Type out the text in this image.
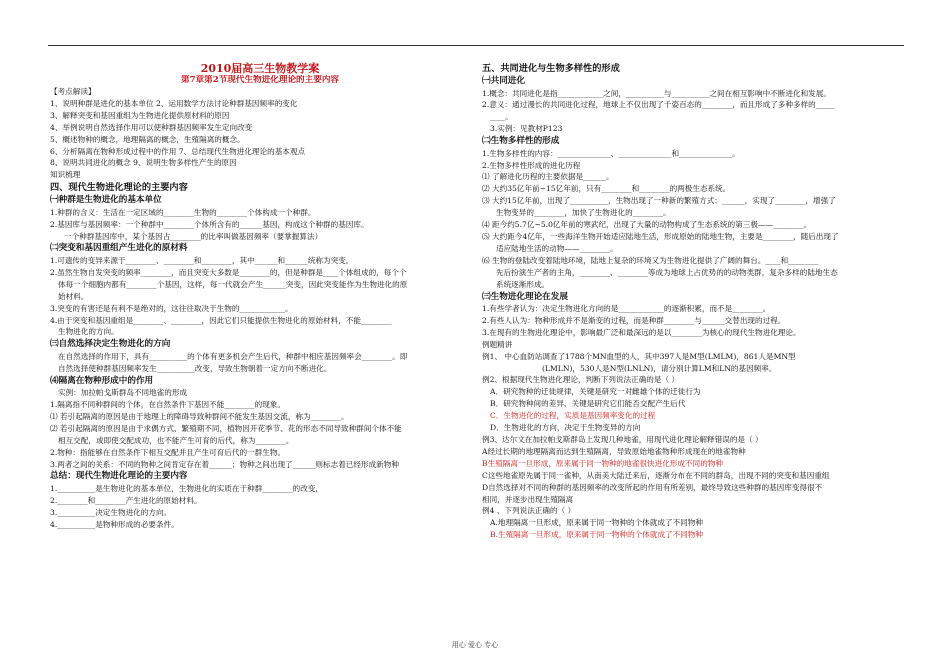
2010届高三生物教学案
第7章第2节现代生物进化理论的主要内容
【考点解读】
1、说明种群是进化的基本单位 2、运用数学方法讨论种群基因频率的变化
3、解释突变和基因重组为生物进化提供原材料的原因
4、举例说明自然选择作用可以使种群基因频率发生定向改变
5、概述物种的概念，地理隔离的概念，生殖隔离的概念。
6、分析隔离在物种形成过程中的作用 7、总结现代生物进化理论的基本观点
8、说明共同进化的概念 9、说明生物多样性产生的原因
知识梳理
四、现代生物进化理论的主要内容
㈠种群是生物进化的基本单位
1.种群的含义：生活在一定区域的________生物的________个体构成一个种群。
2.基因库与基因频率：一个种群中________个体所含有的______基因，构成这个种群的基因库。
一个种群基因库中，某个基因占________的比率叫做基因频率（要掌握算法）
㈡突变和基因重组产生进化的原材料
1.可遗传的变异来源于________、________和________，其中______和______统称为突变。
2.虽然生物自发突变的频率________，而且突变大多数是________的，但是种群是____个体组成的，每个个
体每一个细胞内都有________个基因，这样，每一代就会产生______突变，因此突变能作为生物进化的原
始材料。
3.突变的有害还是有利不是绝对的，这往往取决于生物的____________。
4.由于突变和基因重组是________、________，因此它们只能提供生物进化的原始材料，不能________
生物进化的方向。
㈢自然选择决定生物进化的方向
在自然选择的作用下，具有__________的个体有更多机会产生后代，种群中相应基因频率会________。即
自然选择使种群基因频率发生__________改变，导致生物朝着一定方向不断进化。
⑷隔离在物种形成中的作用
实例：加拉帕戈斯群岛不同地雀的形成
1.隔离指不同种群间的个体，在自然条件下基因不能________的现象。
⑴ 若引起隔离的原因是由于地理上的障碍导致种群间不能发生基因交流，称为________。
⑵ 若引起隔离的原因是由于求偶方式、繁殖期不同，植物因开花季节、花的形态不同导致种群间个体不能
相互交配，或即使交配成功，也不能产生可育的后代，称为________。
2.物种：指能够在自然条件下相互交配并且产生可育后代的一群生物。
3.两者之间的关系：不同的物种之间肯定存在着______；物种之间出现了______则标志着已经形成新物种
总结：现代生物进化理论的主要内容
1.__________是生物进化的基本单位，生物进化的实质在于种群________的改变，
2.________和________产生进化的原始材料。
3.__________决定生物进化的方向。
4.__________是物种形成的必要条件。
五、共同进化与生物多样性的形成
㈠共同进化
1.概念：共同进化是指____________之间，__________与__________之间在相互影响中不断进化和发展。
2.意义：通过漫长的共同进化过程，地球上不仅出现了千姿百态的________，而且形成了多种多样的_____
____。
3.实例：见教材P123
㈡生物多样性的形成
1.生物多样性的内容：______________、______________和______________。
2.生物多样性形成的进化历程
⑴ 了解进化历程的主要依据是______。
⑵ 大约35亿年前~15亿年前，只有________和________的两极生态系统。
⑶ 大约15亿年前，出现了__________，生物出现了一种新的繁殖方式：______，实现了________，增强了
生物变异的________，加快了生物进化的________。
⑷ 距今约5.7亿~5.0亿年前的寒武纪，出现了大量的动物构成了生态系统的第三极——________。
⑸ 大约距今4亿年，一些海洋生物开始适应陆地生活，形成原始的陆地生物，主要是________，随后出现了
适应陆地生活的动物——________。
⑹ 生物的登陆改变着陆地环境，陆地上复杂的环境又为生物进化提供了广阔的舞台。____和________
先后扮演生产者的主角，________、________等成为地球上占优势的的动物类群，复杂多样的陆地生态
系统逐渐形成。
㈢生物进化理论在发展
1.有些学者认为：决定生物进化方向的是____________的逐渐积累，而不是________。
2.有些人认为：物种形成并不是渐变的过程，而是种群________与______交替出现的过程。
3.在现有的生物进化理论中，影响最广泛和最深远的是以________为核心的现代生物进化理论。
例题精讲
例1、 中心血防站调查了1788个MN血型的人，其中397人是M型(LMLM)，861人是MN型
(LMLN)，530人是N型(LNLN)，请分别计算LM和LN的基因频率。
例2、根据现代生物进化理论，判断下列说法正确的是（ ）
A．研究物种的迁徙规律，关键是研究一对雌雄个体的迁徙行为
B．研究物种间的差异，关键是研究它们能否交配产生后代
C．生物进化的过程，实质是基因频率变化的过程
D．生物进化的方向，决定于生物变异的方向
例3、达尔文在加拉帕戈斯群岛上发现几种地雀，用现代进化理论解释错误的是（ ）
A经过长期的地理隔离而达到生殖隔离，导致原始地雀物种形成现在的地雀物种
B生殖隔离一旦形成，原来属于同一物种的地雀很快进化形成不同的物种
C这些地雀原先属于同一雀种，从南美大陆迁来后，逐渐分布在不同的群岛，出现不同的突变和基因重组
D自然选择对不同的种群的基因频率的改变所起的作用有所差别，最终导致这些种群的基因库变得很不
相同，并逐步出现生殖隔离
例4 、下列说法正确的（ ）
A.地理隔离一旦形成，原来属于同一物种的个体就成了不同物种
B.生殖隔离一旦形成，原来属于同一物种的个体就成了不同物种
用心 爱心 专心
